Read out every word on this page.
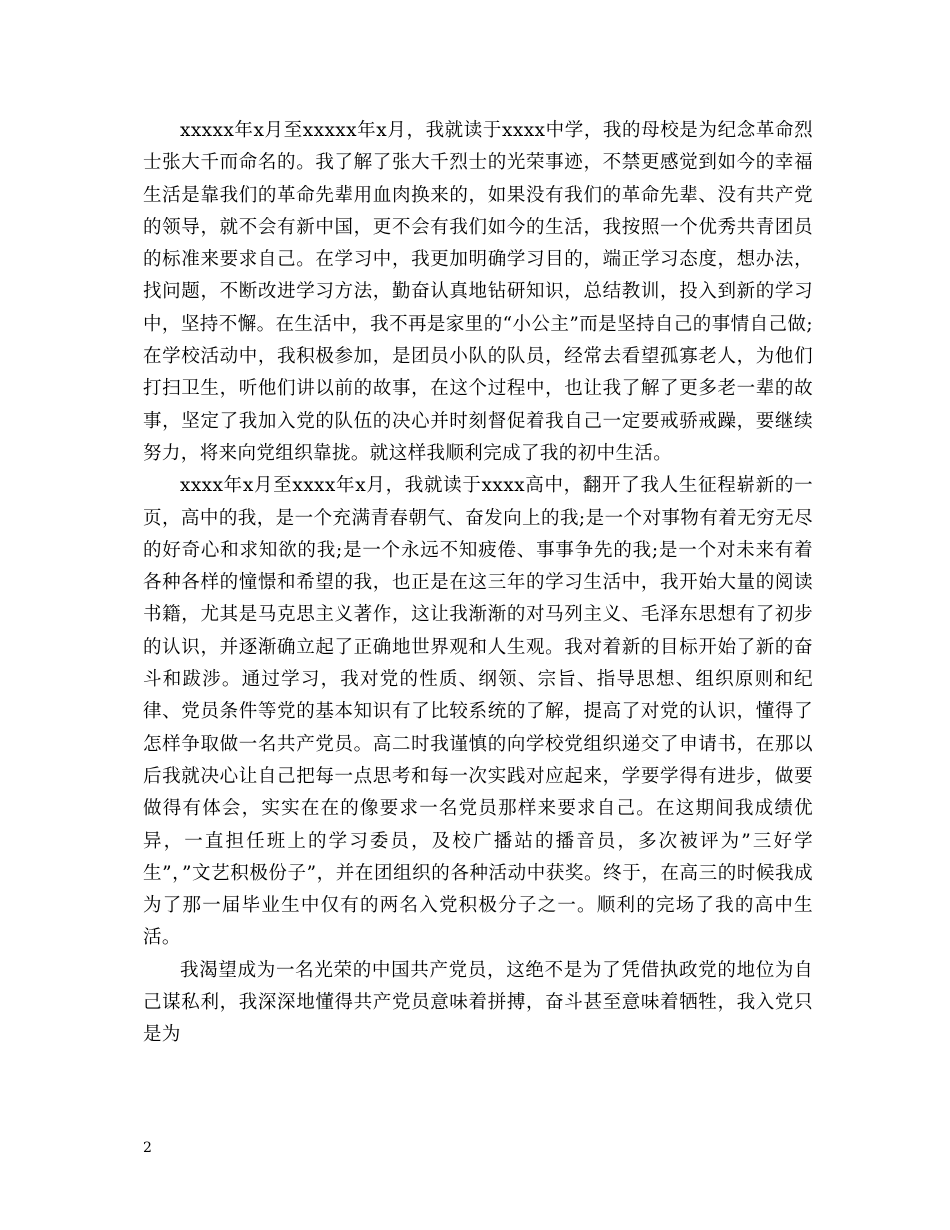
xxxxx年x月至xxxxx年x月，我就读于xxxx中学，我的母校是为纪念革命烈士张大千而命名的。我了解了张大千烈士的光荣事迹，不禁更感觉到如今的幸福生活是靠我们的革命先辈用血肉换来的，如果没有我们的革命先辈、没有共产党的领导，就不会有新中国，更不会有我们如今的生活，我按照一个优秀共青团员的标准来要求自己。在学习中，我更加明确学习目的，端正学习态度，想办法，找问题，不断改进学习方法，勤奋认真地钻研知识，总结教训，投入到新的学习中，坚持不懈。在生活中，我不再是家里的“小公主”而是坚持自己的事情自己做;在学校活动中，我积极参加，是团员小队的队员，经常去看望孤寡老人，为他们打扫卫生，听他们讲以前的故事，在这个过程中，也让我了解了更多老一辈的故事，坚定了我加入党的队伍的决心并时刻督促着我自己一定要戒骄戒躁，要继续努力，将来向党组织靠拢。就这样我顺利完成了我的初中生活。

xxxx年x月至xxxx年x月，我就读于xxxx高中，翻开了我人生征程崭新的一页，高中的我，是一个充满青春朝气、奋发向上的我;是一个对事物有着无穷无尽的好奇心和求知欲的我;是一个永远不知疲倦、事事争先的我;是一个对未来有着各种各样的憧憬和希望的我，也正是在这三年的学习生活中，我开始大量的阅读书籍，尤其是马克思主义著作，这让我渐渐的对马列主义、毛泽东思想有了初步的认识，并逐渐确立起了正确地世界观和人生观。我对着新的目标开始了新的奋斗和跋涉。通过学习，我对党的性质、纲领、宗旨、指导思想、组织原则和纪律、党员条件等党的基本知识有了比较系统的了解，提高了对党的认识，懂得了怎样争取做一名共产党员。高二时我谨慎的向学校党组织递交了申请书，在那以后我就决心让自己把每一点思考和每一次实践对应起来，学要学得有进步，做要做得有体会，实实在在的像要求一名党员那样来要求自己。在这期间我成绩优异，一直担任班上的学习委员，及校广播站的播音员，多次被评为”三好学生”，”文艺积极份子”，并在团组织的各种活动中获奖。终于，在高三的时候我成为了那一届毕业生中仅有的两名入党积极分子之一。顺利的完场了我的高中生活。

我渴望成为一名光荣的中国共产党员，这绝不是为了凭借执政党的地位为自己谋私利，我深深地懂得共产党员意味着拼搏，奋斗甚至意味着牺牲，我入党只是为

2
